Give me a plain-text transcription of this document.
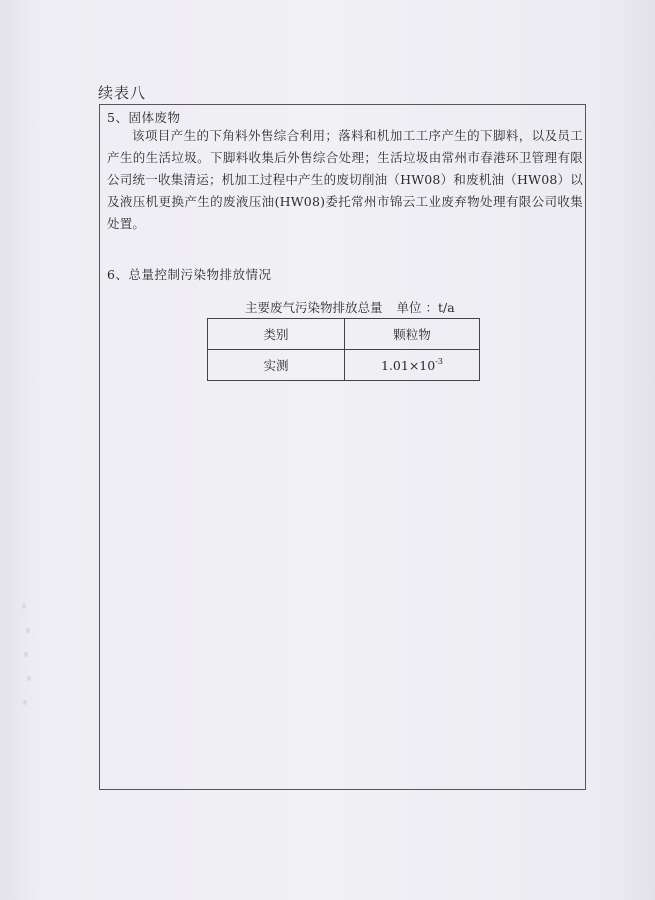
续表八
5、固体废物
该项目产生的下角料外售综合利用；落料和机加工工序产生的下脚料，以及员工产生的生活垃圾。下脚料收集后外售综合处理；生活垃圾由常州市春港环卫管理有限公司统一收集清运；机加工过程中产生的废切削油（HW08）和废机油（HW08）以及液压机更换产生的废液压油(HW08)委托常州市锦云工业废弃物处理有限公司收集处置。
6、总量控制污染物排放情况
主要废气污染物排放总量 单位 ：t/a
类别	颗粒物
实测	$1.01\times 10^{-3}$
